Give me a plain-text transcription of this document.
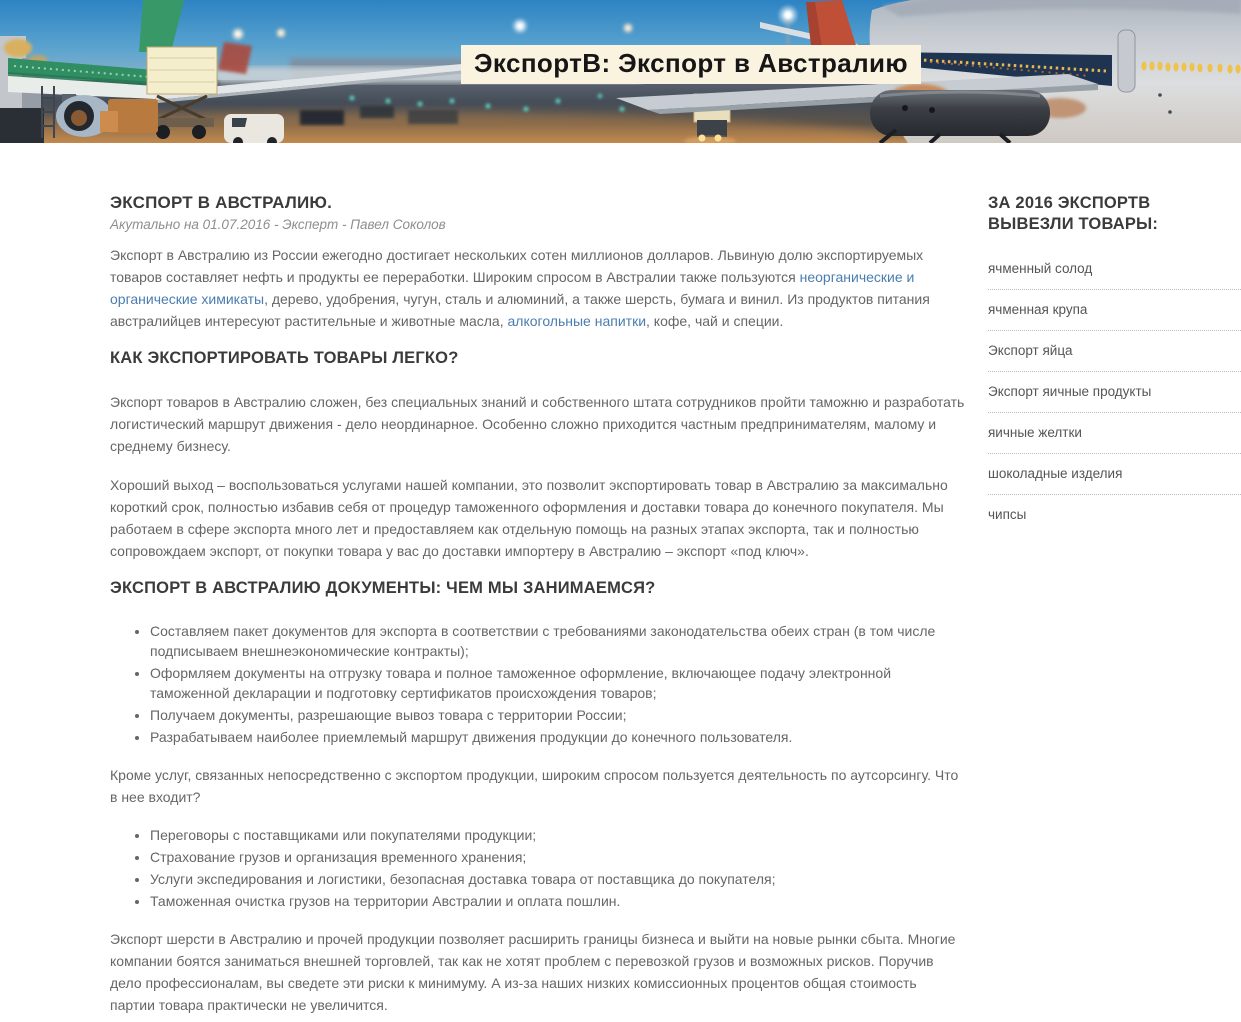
ЭкспортВ: Экспорт в Австралию
ЭКСПОРТ В АВСТРАЛИЮ.
Акутально на 01.07.2016 - Эксперт - Павел Соколов

Экспорт в Австралию из России ежегодно достигает нескольких сотен миллионов долларов. Львиную долю экспортируемых товаров составляет нефть и продукты ее переработки. Широким спросом в Австралии также пользуются неорганические и органические химикаты, дерево, удобрения, чугун, сталь и алюминий, а также шерсть, бумага и винил. Из продуктов питания австралийцев интересуют растительные и животные масла, алкогольные напитки, кофе, чай и специи.

КАК ЭКСПОРТИРОВАТЬ ТОВАРЫ ЛЕГКО?

Экспорт товаров в Австралию сложен, без специальных знаний и собственного штата сотрудников пройти таможню и разработать логистический маршрут движения - дело неординарное. Особенно сложно приходится частным предпринимателям, малому и среднему бизнесу.

Хороший выход – воспользоваться услугами нашей компании, это позволит экспортировать товар в Австралию за максимально короткий срок, полностью избавив себя от процедур таможенного оформления и доставки товара до конечного покупателя. Мы работаем в сфере экспорта много лет и предоставляем как отдельную помощь на разных этапах экспорта, так и полностью сопровождаем экспорт, от покупки товара у вас до доставки импортеру в Австралию – экспорт «под ключ».

ЭКСПОРТ В АВСТРАЛИЮ ДОКУМЕНТЫ: ЧЕМ МЫ ЗАНИМАЕМСЯ?
• Составляем пакет документов для экспорта в соответствии с требованиями законодательства обеих стран (в том числе подписываем внешнеэкономические контракты);
• Оформляем документы на отгрузку товара и полное таможенное оформление, включающее подачу электронной таможенной декларации и подготовку сертификатов происхождения товаров;
• Получаем документы, разрешающие вывоз товара с территории России;
• Разрабатываем наиболее приемлемый маршрут движения продукции до конечного пользователя.

Кроме услуг, связанных непосредственно с экспортом продукции, широким спросом пользуется деятельность по аутсорсингу. Что в нее входит?

• Переговоры с поставщиками или покупателями продукции;
• Страхование грузов и организация временного хранения;
• Услуги экспедирования и логистики, безопасная доставка товара от поставщика до покупателя;
• Таможенная очистка грузов на территории Австралии и оплата пошлин.

Экспорт шерсти в Австралию и прочей продукции позволяет расширить границы бизнеса и выйти на новые рынки сбыта. Многие компании боятся заниматься внешней торговлей, так как не хотят проблем с перевозкой грузов и возможных рисков. Поручив дело профессионалам, вы сведете эти риски к минимуму. А из-за наших низких комиссионных процентов общая стоимость партии товара практически не увеличится.

ЗА 2016 ЭКСПОРТВ ВЫВЕЗЛИ ТОВАРЫ:
ячменный солод
ячменная крупа
Экспорт яйца
Экспорт яичные продукты
яичные желтки
шоколадные изделия
чипсы
